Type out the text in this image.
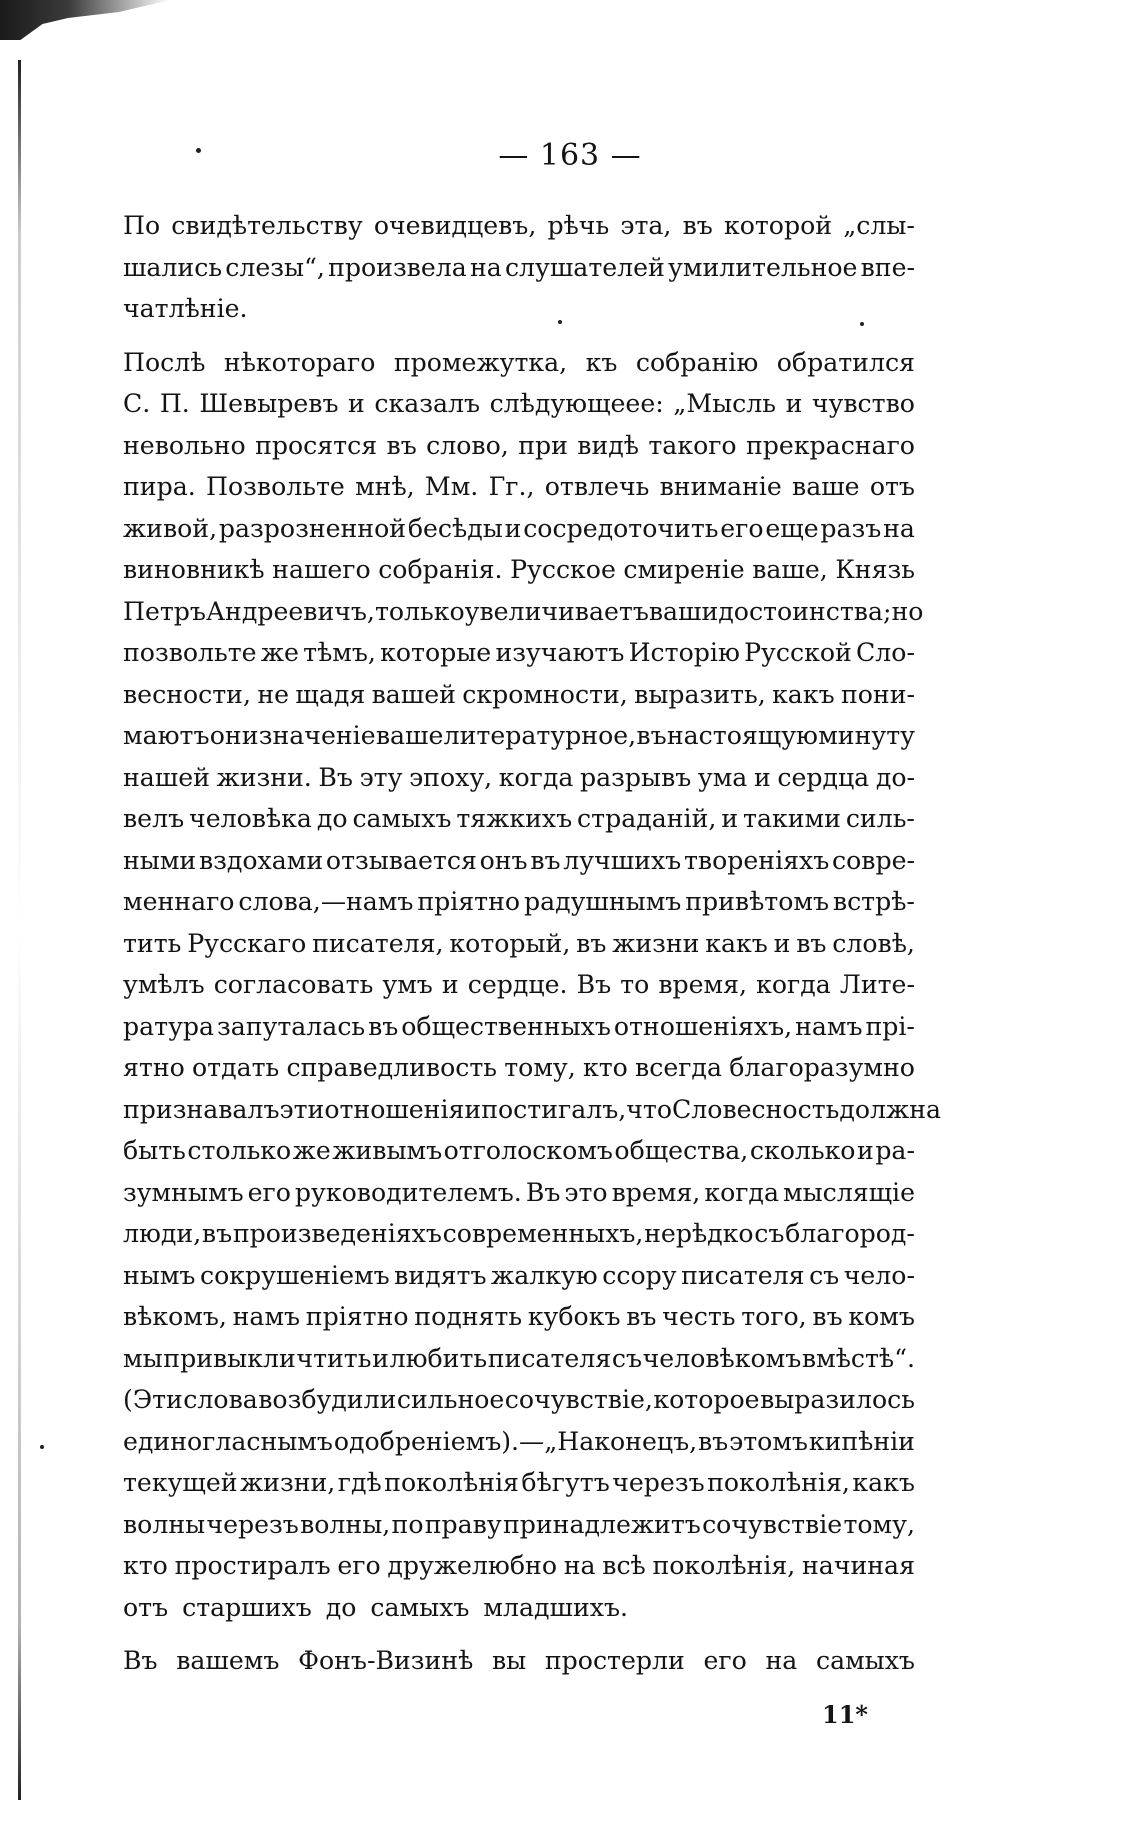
— 163 —
По свидѣтельству очевидцевъ, рѣчь эта, въ которой „слы-
шались слезы“, произвела на слушателей умилительное впе-
чатлѣніе.
Послѣ нѣкотораго промежутка, къ собранію обратился
С. П. Шевыревъ и сказалъ слѣдующеее: „Мысль и чувство
невольно просятся въ слово, при видѣ такого прекраснаго
пира. Позвольте мнѣ, Мм. Гг., отвлечь вниманіе ваше отъ
живой, разрозненной бесѣды и сосредоточить его еще разъ на
виновникѣ нашего собранія. Русское смиреніе ваше, Князь
Петръ Андреевичъ, только увеличиваетъ ваши достоинства; но
позвольте же тѣмъ, которые изучаютъ Исторію Русской Сло-
весности, не щадя вашей скромности, выразить, какъ пони-
маютъ они значеніе ваше литературное, въ настоящую минуту
нашей жизни. Въ эту эпоху, когда разрывъ ума и сердца до-
велъ человѣка до самыхъ тяжкихъ страданій, и такими силь-
ными вздохами отзывается онъ въ лучшихъ твореніяхъ совре-
меннаго слова,—намъ пріятно радушнымъ привѣтомъ встрѣ-
тить Русскаго писателя, который, въ жизни какъ и въ словѣ,
умѣлъ согласовать умъ и сердце. Въ то время, когда Лите-
ратура запуталась въ общественныхъ отношеніяхъ, намъ прі-
ятно отдать справедливость тому, кто всегда благоразумно
признавалъ эти отношенія и постигалъ, что Словесность должна
быть столько же живымъ отголоскомъ общества, сколько и ра-
зумнымъ его руководителемъ. Въ это время, когда мыслящіе
люди, въ произведеніяхъ современныхъ, нерѣдко съ благород-
нымъ сокрушеніемъ видятъ жалкую ссору писателя съ чело-
вѣкомъ, намъ пріятно поднять кубокъ въ честь того, въ комъ
мы привыкли чтить и любить писателя съ человѣкомъ вмѣстѣ“.
(Эти слова возбудили сильное сочувствіе, которое выразилось
единогласнымъ одобреніемъ).—„Наконецъ, въ этомъ кипѣніи
текущей жизни, гдѣ поколѣнія бѣгутъ черезъ поколѣнія, какъ
волны черезъ волны, по праву принадлежитъ сочувствіе тому,
кто простиралъ его дружелюбно на всѣ поколѣнія, начиная
отъ старшихъ до самыхъ младшихъ.
Въ вашемъ Фонъ-Визинѣ вы простерли его на самыхъ
11*
